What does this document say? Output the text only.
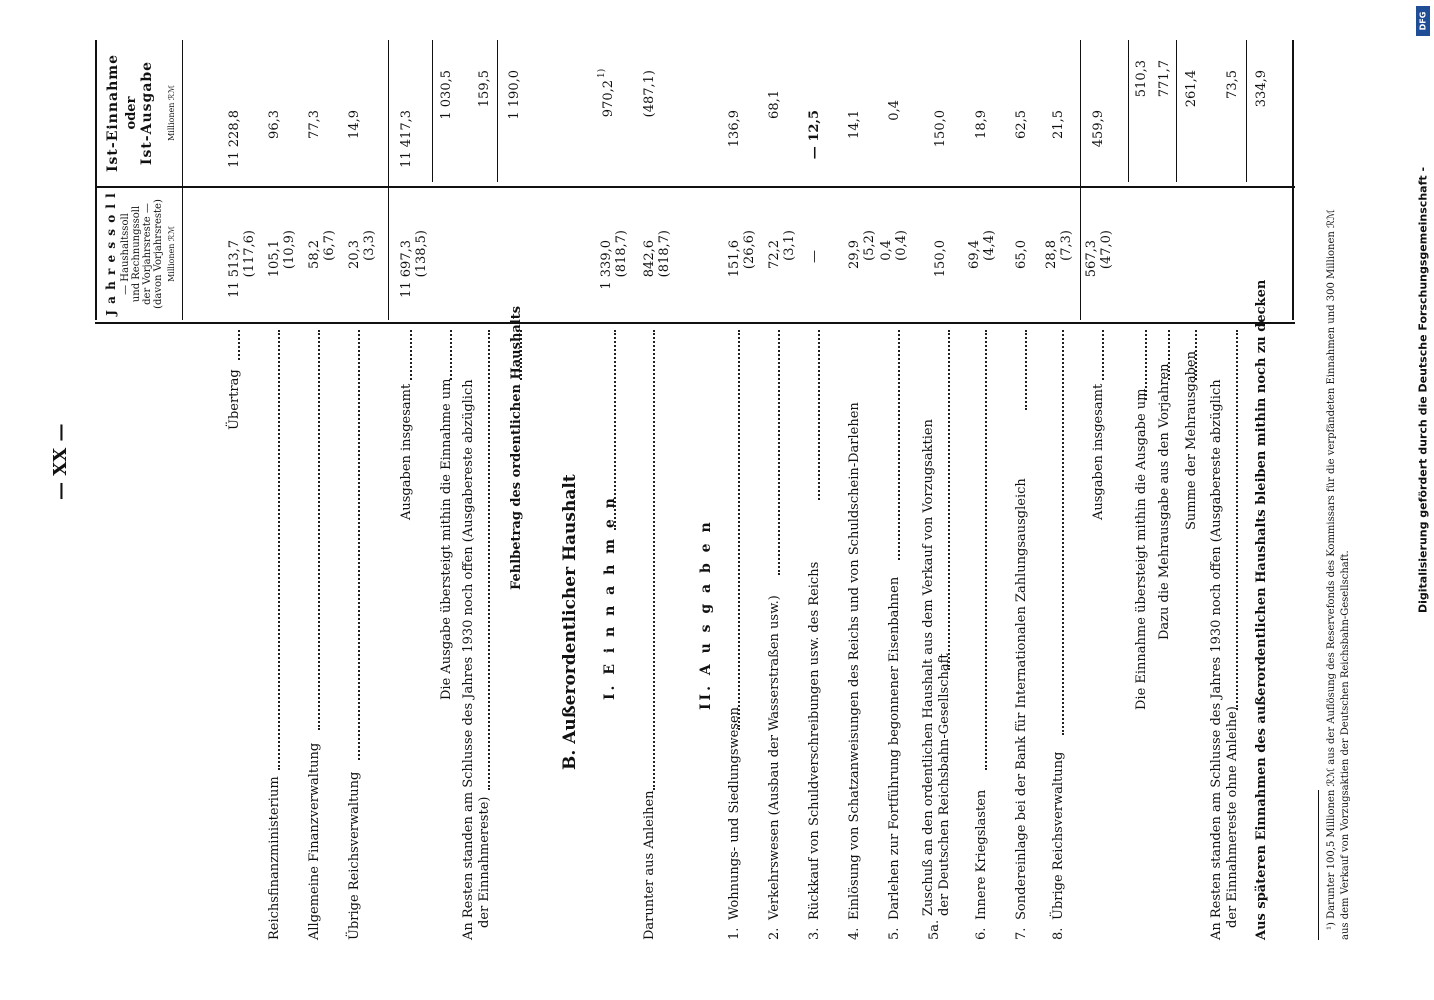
Digitalisierung gefördert durch die Deutsche Forschungsgemeinschaft -
DFG
— XX —
J a h r e s s o l l — Haushaltssoll und Rechnungssoll der Vorjahrsreste — (davon Vorjahrsreste) Millionen ℛℳ
Ist-Einnahme oder Ist-Ausgabe Millionen ℛℳ
Übertrag
11 513,7 (117,6)
11 228,8
Reichsfinanzministerium
105,1 (10,9)
96,3
Allgemeine Finanzverwaltung
58,2 (6,7)
77,3
Übrige Reichsverwaltung
20,3 (3,3)
14,9
Ausgaben insgesamt
11 697,3 (138,5)
11 417,3
Die Ausgabe übersteigt mithin die Einnahme um
1 030,5
An Resten standen am Schlusse des Jahres 1930 noch offen (Ausgabereste abzüglich der Einnahmereste)
159,5
Fehlbetrag des ordentlichen Haushalts
1 190,0
B. Außerordentlicher Haushalt I. E i n n a h m e n
1 339,0 (818,7)
970,2
1)
Darunter aus Anleihen
842,6 (818,7)
(487,1)
II. A u s g a b e n
1.
Wohnungs- und Siedlungswesen
151,6 (26,6)
136,9
2.
Verkehrswesen (Ausbau der Wasserstraßen usw.)
72,2 (3,1)
68,1
3.
Rückkauf von Schuldverschreibungen usw. des Reichs
—
— 12,5
4.
Einlösung von Schatzanweisungen des Reichs und von Schuldschein-Darlehen
29,9 (5,2)
14,1
5.
Darlehen zur Fortführung begonnener Eisenbahnen
0,4 (0,4)
0,4
5a.
Zuschuß an den ordentlichen Haushalt aus dem Verkauf von Vorzugsaktien der Deutschen Reichsbahn-Gesellschaft
150,0
150,0
6.
Innere Kriegslasten
69,4 (4,4)
18,9
7.
Sondereinlage bei der Bank für Internationalen Zahlungsausgleich
65,0
62,5
8.
Übrige Reichsverwaltung
28,8 (7,3)
21,5
Ausgaben insgesamt
567,3 (47,0)
459,9
Die Einnahme übersteigt mithin die Ausgabe um
510,3
Dazu die Mehrausgabe aus den Vorjahren
771,7
Summe der Mehrausgaben
261,4
An Resten standen am Schlusse des Jahres 1930 noch offen (Ausgabereste abzüglich der Einnahmereste ohne Anleihe)
73,5
Aus späteren Einnahmen des außerordentlichen Haushalts bleiben mithin noch zu decken
334,9
¹) Darunter 100,5 Millionen ℛℳ aus der Auflösung des Reservefonds des Kommissars für die verpfändeten Einnahmen und 300 Millionen ℛℳ aus dem Verkauf von Vorzugsaktien der Deutschen Reichsbahn-Gesellschaft.
